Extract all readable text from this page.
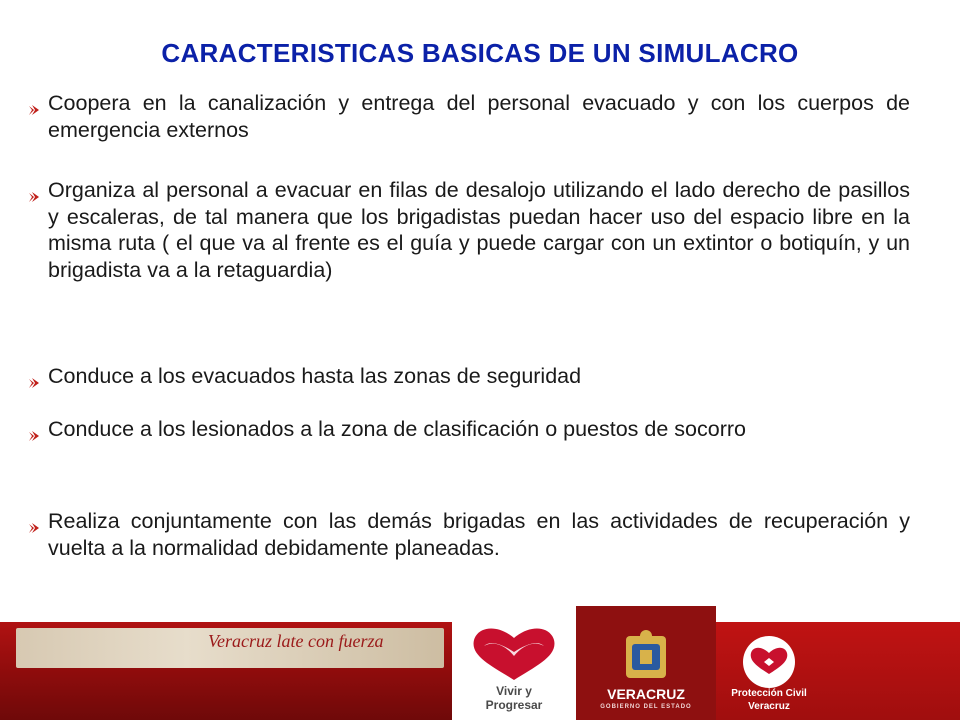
CARACTERISTICAS BASICAS DE UN SIMULACRO
Coopera en la canalización y entrega del personal evacuado y con los cuerpos de emergencia externos
Organiza al personal a evacuar en filas de desalojo utilizando el lado derecho de pasillos y escaleras, de tal manera que los brigadistas puedan hacer uso del espacio libre en la misma ruta ( el que va al frente es el guía y puede cargar con un extintor o botiquín, y un brigadista va a la retaguardia)
Conduce a los evacuados hasta las zonas de seguridad
Conduce a los lesionados a la zona de clasificación o puestos de socorro
Realiza conjuntamente con las demás brigadas en las actividades de recuperación y vuelta a la normalidad debidamente planeadas.
Veracruz late con fuerza
Vivir y
Progresar
VERACRUZ
GOBIERNO DEL ESTADO
Protección Civil
Veracruz
